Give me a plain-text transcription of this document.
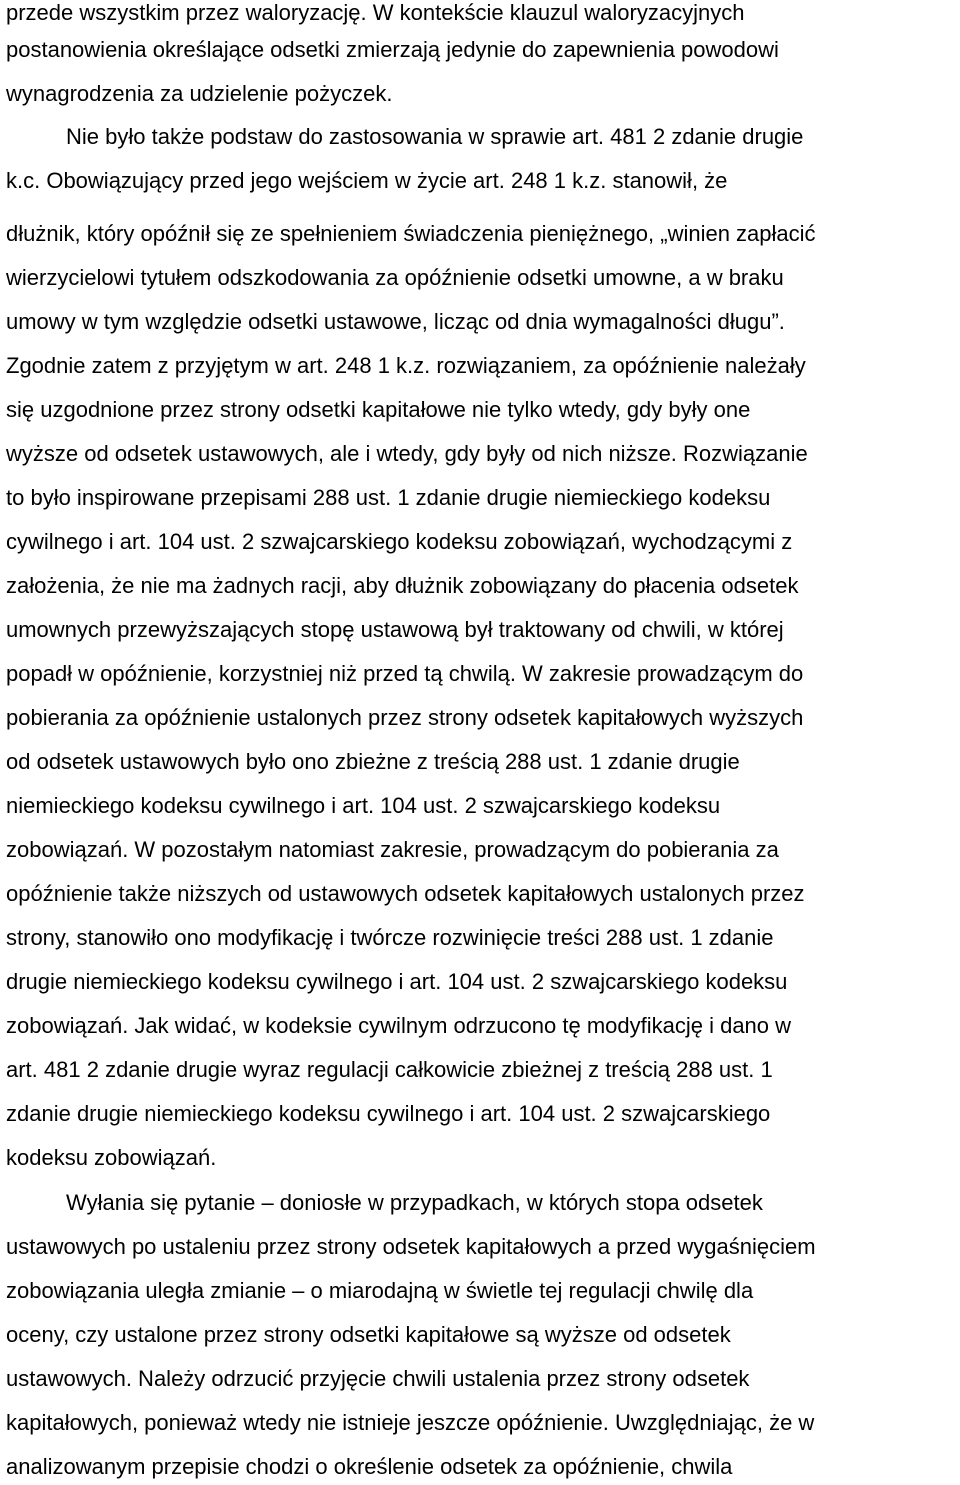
przede wszystkim przez waloryzację. W kontekście klauzul waloryzacyjnych
postanowienia określające odsetki zmierzają jedynie do zapewnienia powodowi
wynagrodzenia za udzielenie pożyczek.
Nie było także podstaw do zastosowania w sprawie art. 481 2 zdanie drugie
k.c. Obowiązujący przed jego wejściem w życie art. 248 1 k.z. stanowił, że
dłużnik, który opóźnił się ze spełnieniem świadczenia pieniężnego, „winien zapłacić
wierzycielowi tytułem odszkodowania za opóźnienie odsetki umowne, a w braku
umowy w tym względzie odsetki ustawowe, licząc od dnia wymagalności długu”.
Zgodnie zatem z przyjętym w art. 248 1 k.z. rozwiązaniem, za opóźnienie należały
się uzgodnione przez strony odsetki kapitałowe nie tylko wtedy, gdy były one
wyższe od odsetek ustawowych, ale i wtedy, gdy były od nich niższe. Rozwiązanie
to było inspirowane przepisami 288 ust. 1 zdanie drugie niemieckiego kodeksu
cywilnego i art. 104 ust. 2 szwajcarskiego kodeksu zobowiązań, wychodzącymi z
założenia, że nie ma żadnych racji, aby dłużnik zobowiązany do płacenia odsetek
umownych przewyższających stopę ustawową był traktowany od chwili, w której
popadł w opóźnienie, korzystniej niż przed tą chwilą. W zakresie prowadzącym do
pobierania za opóźnienie ustalonych przez strony odsetek kapitałowych wyższych
od odsetek ustawowych było ono zbieżne z treścią 288 ust. 1 zdanie drugie
niemieckiego kodeksu cywilnego i art. 104 ust. 2 szwajcarskiego kodeksu
zobowiązań. W pozostałym natomiast zakresie, prowadzącym do pobierania za
opóźnienie także niższych od ustawowych odsetek kapitałowych ustalonych przez
strony, stanowiło ono modyfikację i twórcze rozwinięcie treści 288 ust. 1 zdanie
drugie niemieckiego kodeksu cywilnego i art. 104 ust. 2 szwajcarskiego kodeksu
zobowiązań. Jak widać, w kodeksie cywilnym odrzucono tę modyfikację i dano w
art. 481 2 zdanie drugie wyraz regulacji całkowicie zbieżnej z treścią 288 ust. 1
zdanie drugie niemieckiego kodeksu cywilnego i art. 104 ust. 2 szwajcarskiego
kodeksu zobowiązań.
Wyłania się pytanie – doniosłe w przypadkach, w których stopa odsetek
ustawowych po ustaleniu przez strony odsetek kapitałowych a przed wygaśnięciem
zobowiązania uległa zmianie – o miarodajną w świetle tej regulacji chwilę dla
oceny, czy ustalone przez strony odsetki kapitałowe są wyższe od odsetek
ustawowych. Należy odrzucić przyjęcie chwili ustalenia przez strony odsetek
kapitałowych, ponieważ wtedy nie istnieje jeszcze opóźnienie. Uwzględniając, że w
analizowanym przepisie chodzi o określenie odsetek za opóźnienie, chwila
